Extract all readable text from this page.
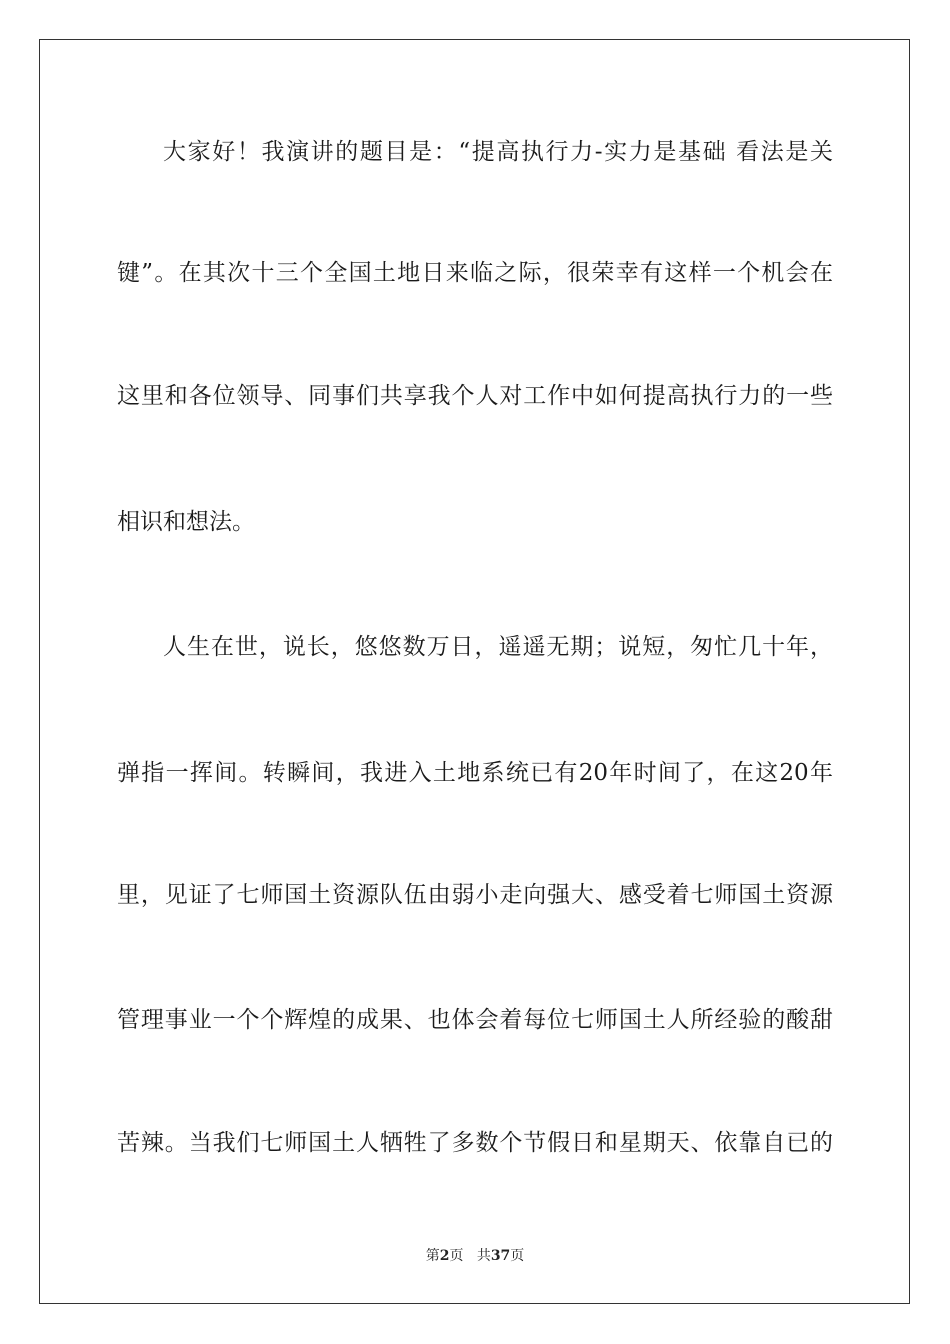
大家好！我演讲的题目是：“提高执行力-实力是基础 看法是关
键”。在其次十三个全国土地日来临之际，很荣幸有这样一个机会在
这里和各位领导、同事们共享我个人对工作中如何提高执行力的一些
相识和想法。
人生在世，说长，悠悠数万日，遥遥无期；说短，匆忙几十年，
弹指一挥间。转瞬间，我进入土地系统已有20年时间了，在这20年
里，见证了七师国土资源队伍由弱小走向强大、感受着七师国土资源
管理事业一个个辉煌的成果、也体会着每位七师国土人所经验的酸甜
苦辣。当我们七师国土人牺牲了多数个节假日和星期天、依靠自已的
第2页 共37页
